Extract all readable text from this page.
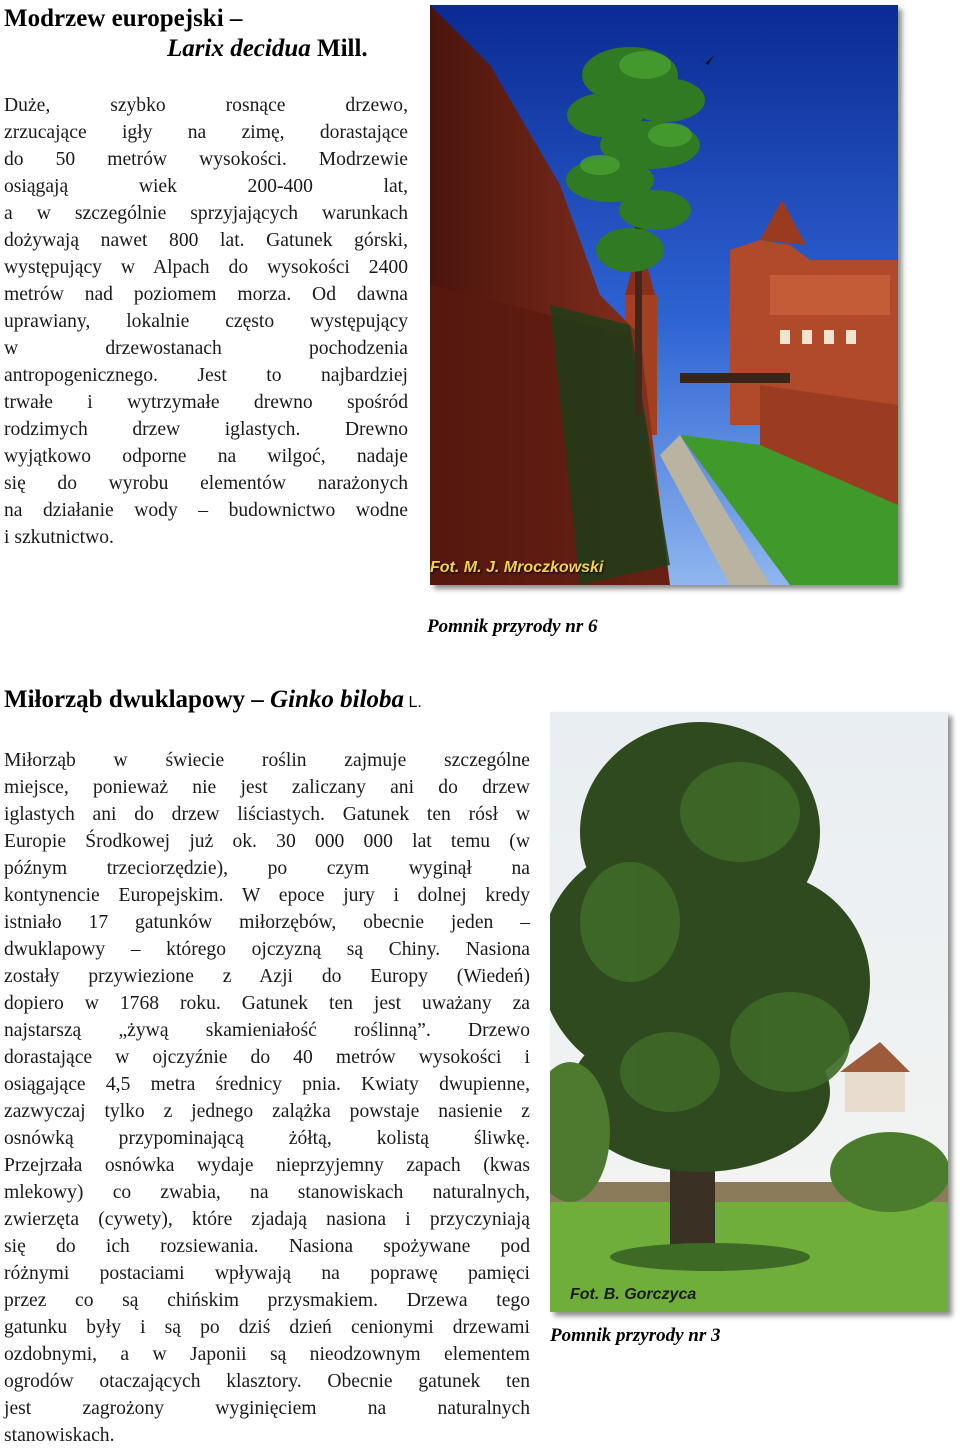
Modrzew europejski –
Larix decidua Mill.
Duże, szybko rosnące drzewo,
zrzucające igły na zimę, dorastające
do 50 metrów wysokości. Modrzewie
osiągają wiek 200-400 lat,
a w szczególnie sprzyjających warunkach
dożywają nawet 800 lat. Gatunek górski,
występujący w Alpach do wysokości 2400
metrów nad poziomem morza. Od dawna
uprawiany, lokalnie często występujący
w drzewostanach pochodzenia
antropogenicznego. Jest to najbardziej
trwałe i wytrzymałe drewno spośród
rodzimych drzew iglastych. Drewno
wyjątkowo odporne na wilgoć, nadaje
się do wyrobu elementów narażonych
na działanie wody – budownictwo wodne
i szkutnictwo.
Fot. M. J. Mroczkowski
Pomnik przyrody nr 6
Miłorząb dwuklapowy – Ginko biloba L.
Miłorząb w świecie roślin zajmuje szczególne
miejsce, ponieważ nie jest zaliczany ani do drzew
iglastych ani do drzew liściastych. Gatunek ten rósł w
Europie Środkowej już ok. 30 000 000 lat temu (w
późnym trzeciorzędzie), po czym wyginął na
kontynencie Europejskim. W epoce jury i dolnej kredy
istniało 17 gatunków miłorzębów, obecnie jeden –
dwuklapowy – którego ojczyzną są Chiny. Nasiona
zostały przywiezione z Azji do Europy (Wiedeń)
dopiero w 1768 roku. Gatunek ten jest uważany za
najstarszą „żywą skamieniałość roślinną”. Drzewo
dorastające w ojczyźnie do 40 metrów wysokości i
osiągające 4,5 metra średnicy pnia. Kwiaty dwupienne,
zazwyczaj tylko z jednego zalążka powstaje nasienie z
osnówką przypominającą żółtą, kolistą śliwkę.
Przejrzała osnówka wydaje nieprzyjemny zapach (kwas
mlekowy) co zwabia, na stanowiskach naturalnych,
zwierzęta (cywety), które zjadają nasiona i przyczyniają
się do ich rozsiewania. Nasiona spożywane pod
różnymi postaciami wpływają na poprawę pamięci
przez co są chińskim przysmakiem. Drzewa tego
gatunku były i są po dziś dzień cenionymi drzewami
ozdobnymi, a w Japonii są nieodzownym elementem
ogrodów otaczających klasztory. Obecnie gatunek ten
jest zagrożony wyginięciem na naturalnych
stanowiskach.
Fot. B. Gorczyca
Pomnik przyrody nr 3
